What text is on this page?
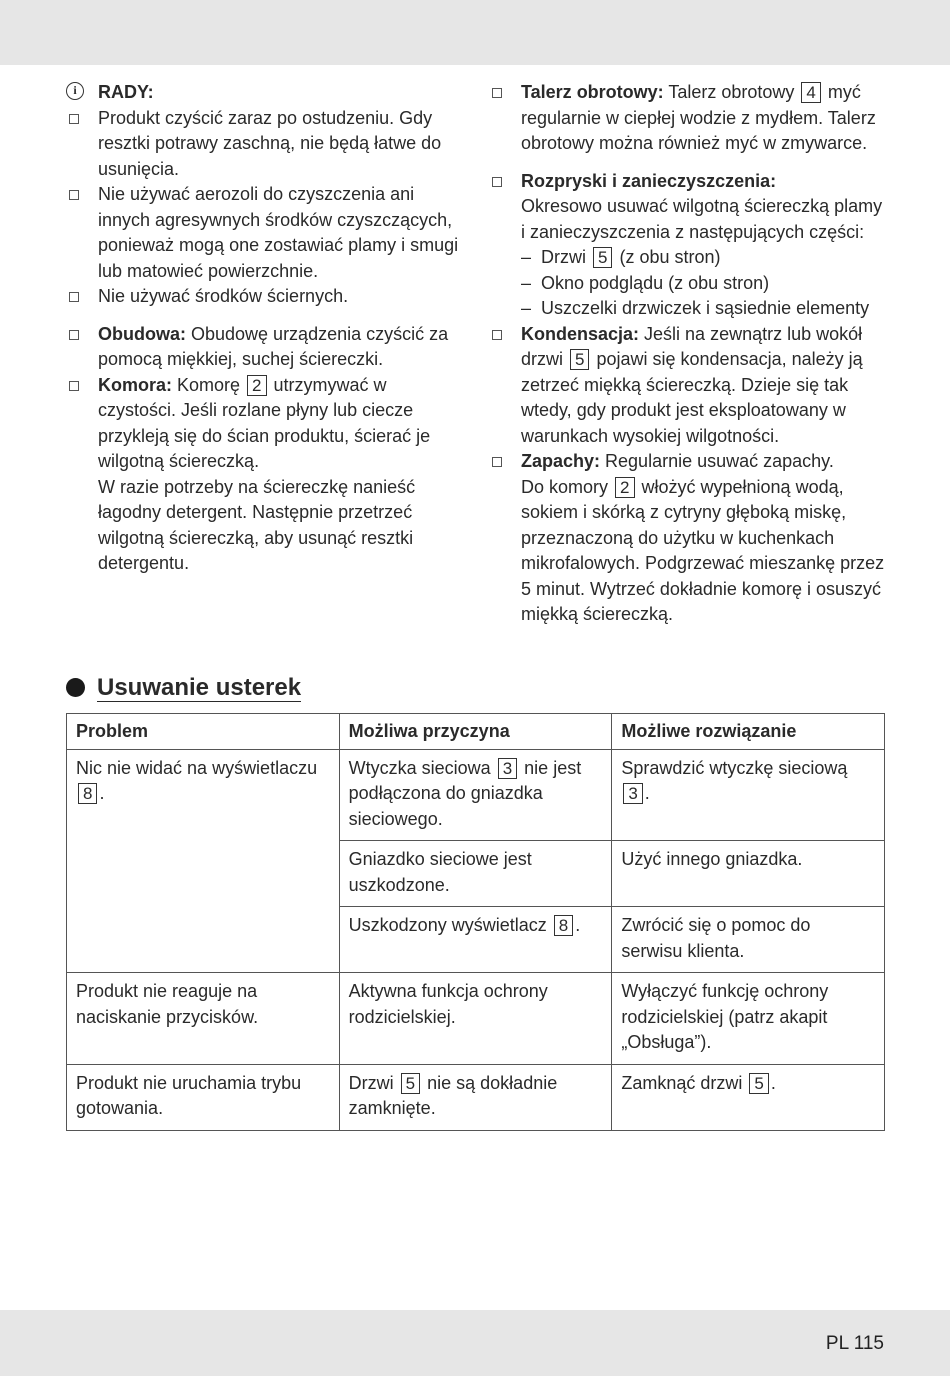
i	RADY:
Produkt czyścić zaraz po ostudzeniu. Gdy resztki potrawy zaschną, nie będą łatwe do usunięcia.
Nie używać aerozoli do czyszczenia ani innych agresywnych środków czyszczących, ponieważ mogą one zostawiać plamy i smugi lub matowieć powierzchnie.
Nie używać środków ściernych.
Obudowa: Obudowę urządzenia czyścić za pomocą miękkiej, suchej ściereczki.
Komora: Komorę 2 utrzymywać w czystości. Jeśli rozlane płyny lub ciecze przykleją się do ścian produktu, ścierać je wilgotną ściereczką.
W razie potrzeby na ściereczkę nanieść łagodny detergent. Następnie przetrzeć wilgotną ściereczką, aby usunąć resztki detergentu.
Talerz obrotowy: Talerz obrotowy 4 myć regularnie w ciepłej wodzie z mydłem. Talerz obrotowy można również myć w zmywarce.
Rozpryski i zanieczyszczenia:
Okresowo usuwać wilgotną ściereczką plamy i zanieczyszczenia z następujących części:
– Drzwi 5 (z obu stron)
– Okno podglądu (z obu stron)
– Uszczelki drzwiczek i sąsiednie elementy
Kondensacja: Jeśli na zewnątrz lub wokół drzwi 5 pojawi się kondensacja, należy ją zetrzeć miękką ściereczką. Dzieje się tak wtedy, gdy produkt jest eksploatowany w warunkach wysokiej wilgotności.
Zapachy: Regularnie usuwać zapachy.
Do komory 2 włożyć wypełnioną wodą, sokiem i skórką z cytryny głęboką miskę, przeznaczoną do użytku w kuchenkach mikrofalowych. Podgrzewać mieszankę przez 5 minut. Wytrzeć dokładnie komorę i osuszyć miękką ściereczką.
Usuwanie usterek
Problem	Możliwa przyczyna	Możliwe rozwiązanie
Nic nie widać na wyświetlaczu 8 .	Wtyczka sieciowa 3 nie jest podłączona do gniazdka sieciowego.	Sprawdzić wtyczkę sieciową 3 .
	Gniazdko sieciowe jest uszkodzone.	Użyć innego gniazdka.
	Uszkodzony wyświetlacz 8 .	Zwrócić się o pomoc do serwisu klienta.
Produkt nie reaguje na naciskanie przycisków.	Aktywna funkcja ochrony rodzicielskiej.	Wyłączyć funkcję ochrony rodzicielskiej (patrz akapit „Obsługa”).
Produkt nie uruchamia trybu gotowania.	Drzwi 5 nie są dokładnie zamknięte.	Zamknąć drzwi 5 .
PL 115
